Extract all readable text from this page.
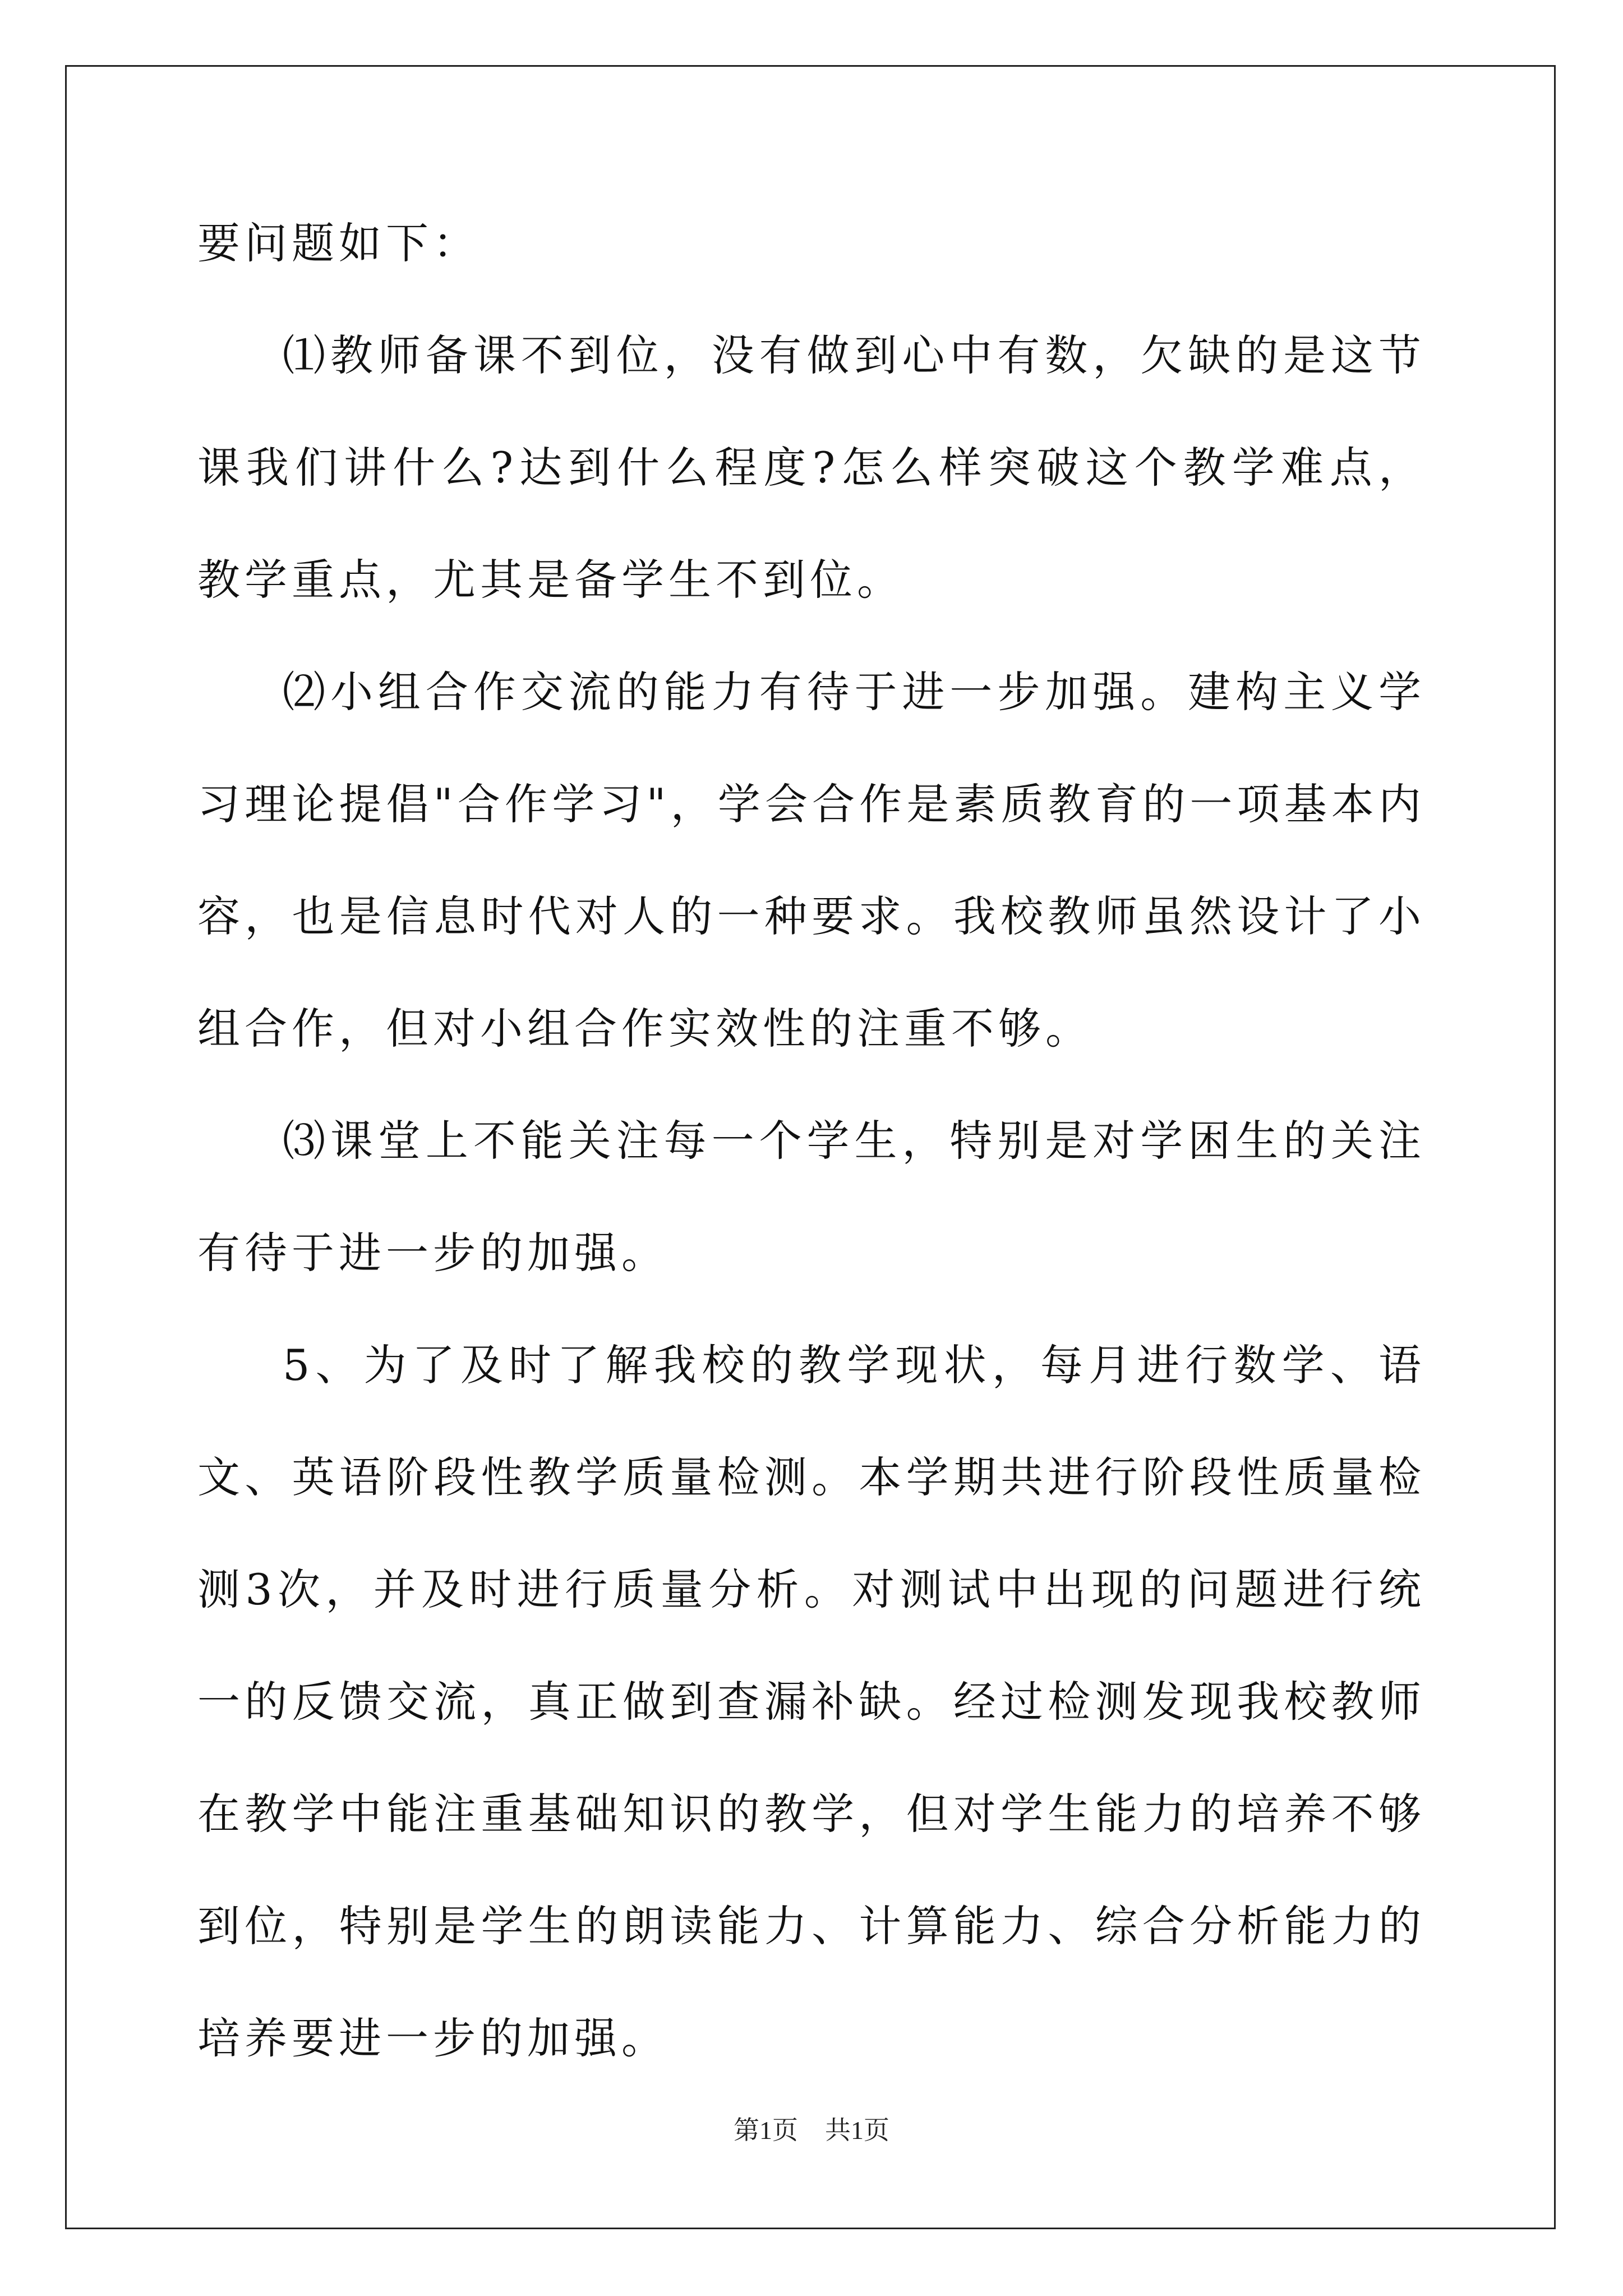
要问题如下：

⑴教师备课不到位，没有做到心中有数，欠缺的是这节课我们讲什么?达到什么程度?怎么样突破这个教学难点，教学重点，尤其是备学生不到位。

⑵小组合作交流的能力有待于进一步加强。建构主义学习理论提倡"合作学习"，学会合作是素质教育的一项基本内容，也是信息时代对人的一种要求。我校教师虽然设计了小组合作，但对小组合作实效性的注重不够。

⑶课堂上不能关注每一个学生，特别是对学困生的关注有待于进一步的加强。

5、为了及时了解我校的教学现状，每月进行数学、语文、英语阶段性教学质量检测。本学期共进行阶段性质量检测3次，并及时进行质量分析。对测试中出现的问题进行统一的反馈交流，真正做到查漏补缺。经过检测发现我校教师在教学中能注重基础知识的教学，但对学生能力的培养不够到位，特别是学生的朗读能力、计算能力、综合分析能力的培养要进一步的加强。

第1页 共1页
